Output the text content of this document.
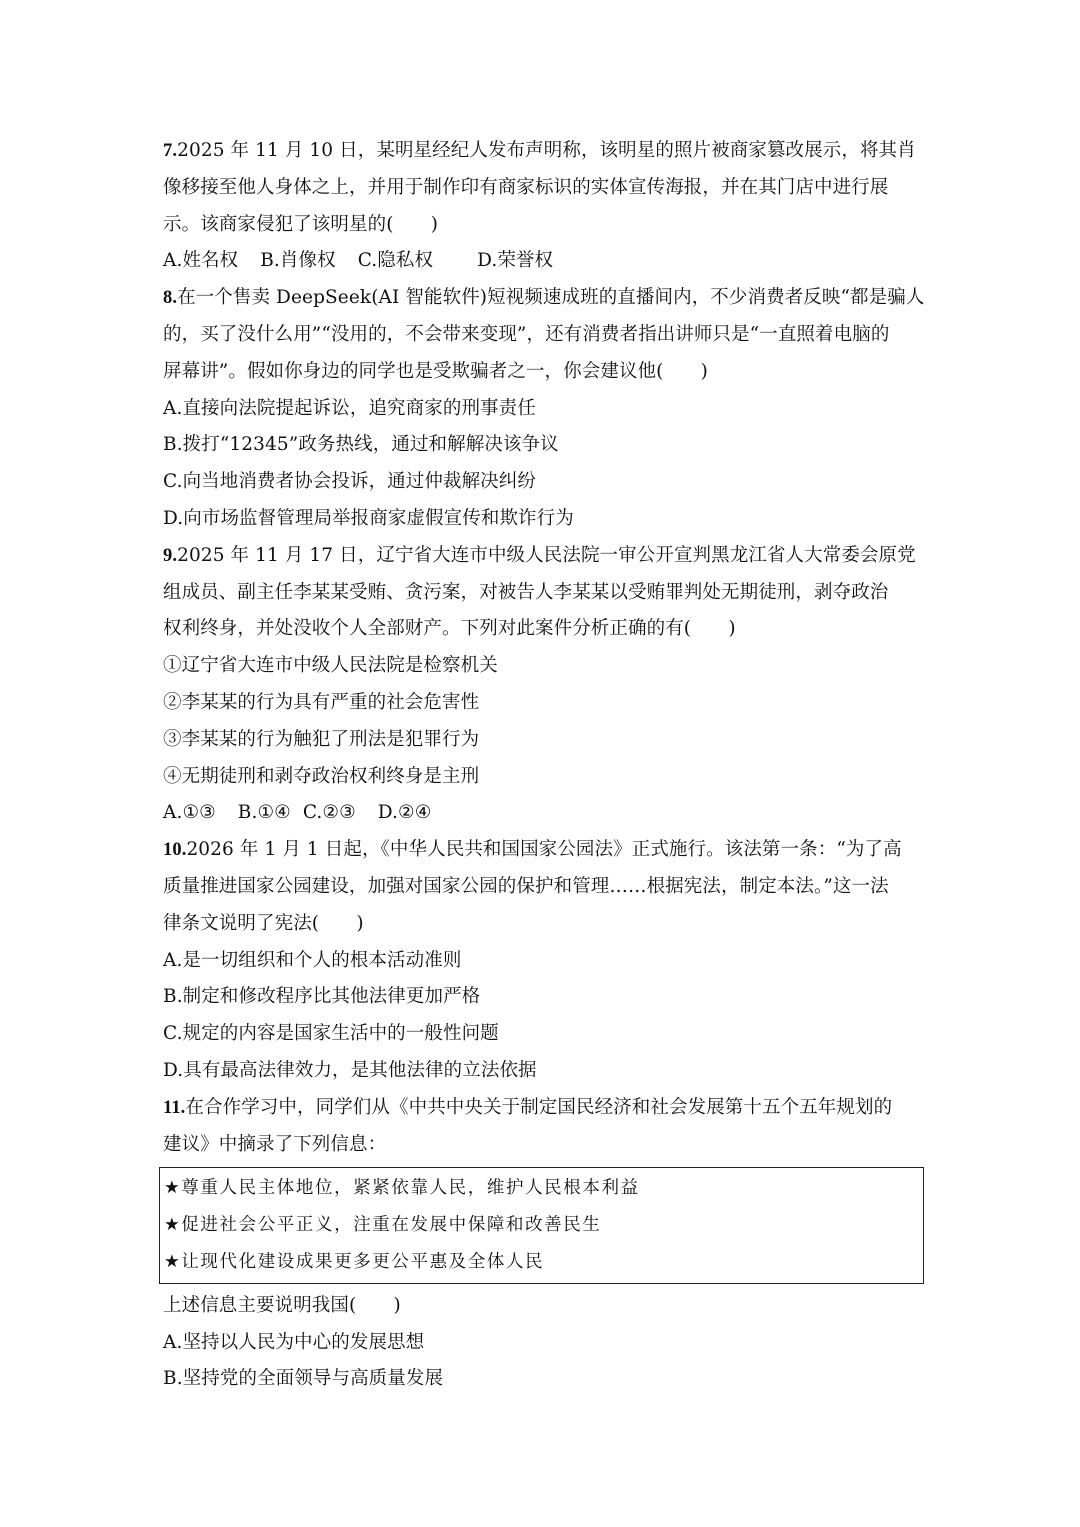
7.2025 年 11 月 10 日，某明星经纪人发布声明称，该明星的照片被商家篡改展示，将其肖
像移接至他人身体之上，并用于制作印有商家标识的实体宣传海报，并在其门店中进行展
示。该商家侵犯了该明星的(　　)
A.姓名权 B.肖像权 C.隐私权 D.荣誉权
8.在一个售卖 DeepSeek(AI 智能软件)短视频速成班的直播间内，不少消费者反映“都是骗人
的，买了没什么用”“没用的，不会带来变现”，还有消费者指出讲师只是“一直照着电脑的
屏幕讲”。假如你身边的同学也是受欺骗者之一，你会建议他(　　)
A.直接向法院提起诉讼，追究商家的刑事责任
B.拨打“12345”政务热线，通过和解解决该争议
C.向当地消费者协会投诉，通过仲裁解决纠纷
D.向市场监督管理局举报商家虚假宣传和欺诈行为
9.2025 年 11 月 17 日，辽宁省大连市中级人民法院一审公开宣判黑龙江省人大常委会原党
组成员、副主任李某某受贿、贪污案，对被告人李某某以受贿罪判处无期徒刑，剥夺政治
权利终身，并处没收个人全部财产。下列对此案件分析正确的有(　　)
①辽宁省大连市中级人民法院是检察机关
②李某某的行为具有严重的社会危害性
③李某某的行为触犯了刑法是犯罪行为
④无期徒刑和剥夺政治权利终身是主刑
A.①③ B.①④ C.②③ D.②④
10.2026 年 1 月 1 日起，《中华人民共和国国家公园法》正式施行。该法第一条：“为了高
质量推进国家公园建设，加强对国家公园的保护和管理……根据宪法，制定本法。”这一法
律条文说明了宪法(　　)
A.是一切组织和个人的根本活动准则
B.制定和修改程序比其他法律更加严格
C.规定的内容是国家生活中的一般性问题
D.具有最高法律效力，是其他法律的立法依据
11.在合作学习中，同学们从《中共中央关于制定国民经济和社会发展第十五个五年规划的
建议》中摘录了下列信息：
★尊重人民主体地位，紧紧依靠人民，维护人民根本利益
★促进社会公平正义，注重在发展中保障和改善民生
★让现代化建设成果更多更公平惠及全体人民
上述信息主要说明我国(　　)
A.坚持以人民为中心的发展思想
B.坚持党的全面领导与高质量发展
